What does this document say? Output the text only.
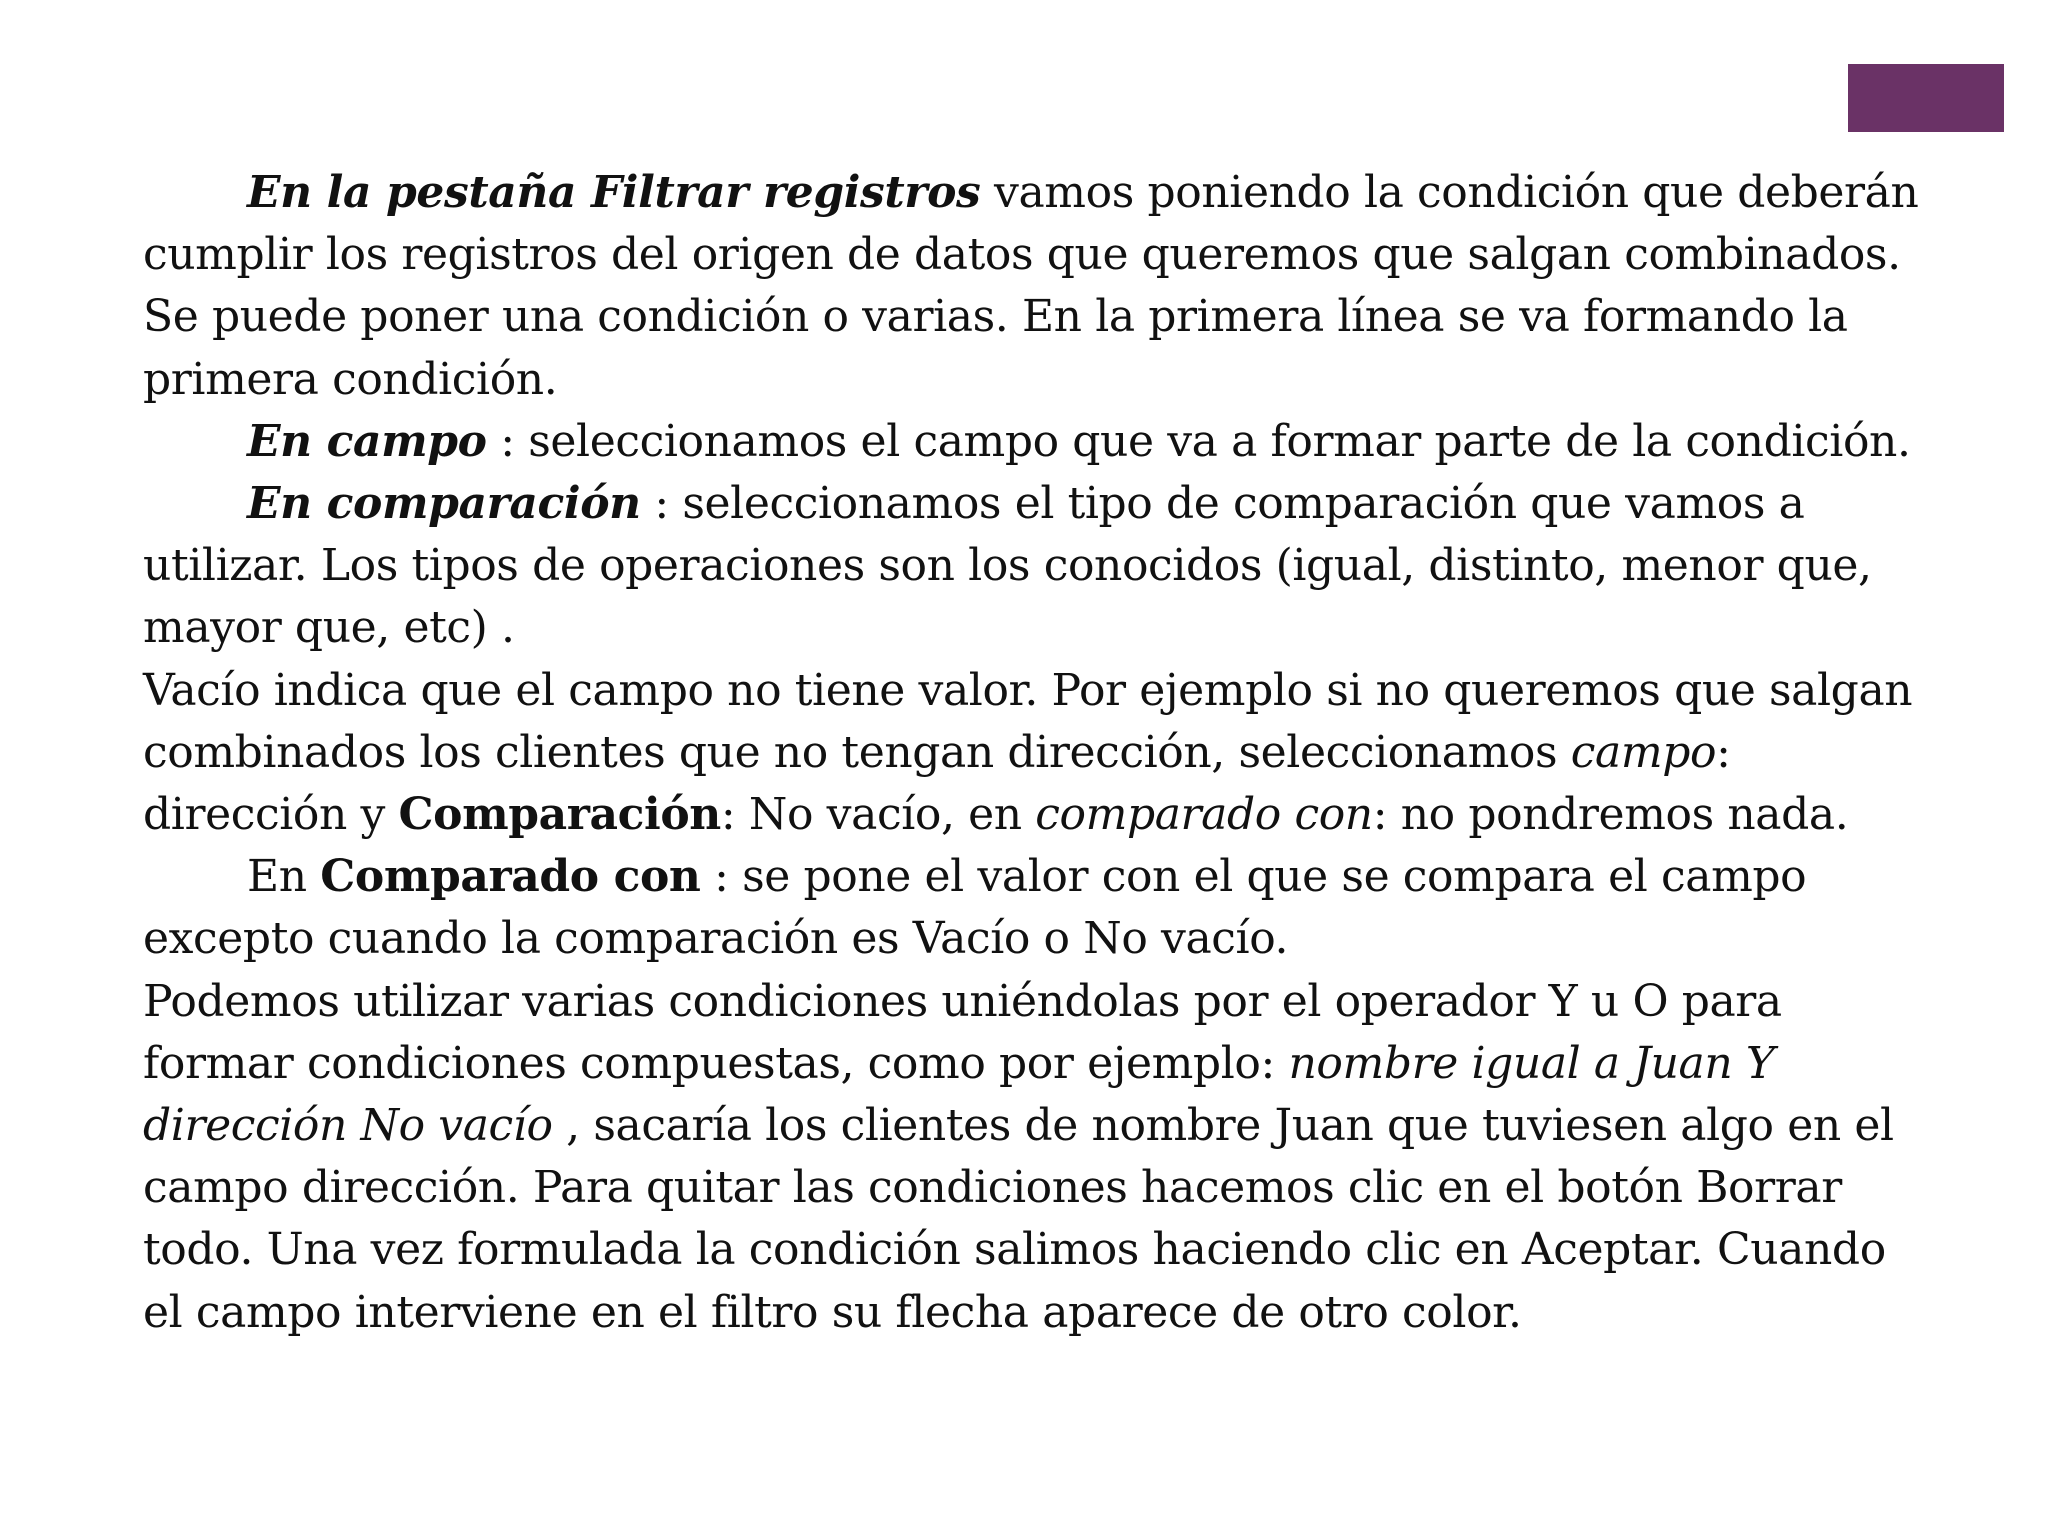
En la pestaña Filtrar registros vamos poniendo la condición que deberán cumplir los registros del origen de datos que queremos que salgan combinados. Se puede poner una condición o varias. En la primera línea se va formando la primera condición.

En campo : seleccionamos el campo que va a formar parte de la condición.

En comparación : seleccionamos el tipo de comparación que vamos a utilizar. Los tipos de operaciones son los conocidos (igual, distinto, menor que, mayor que, etc) .

Vacío indica que el campo no tiene valor. Por ejemplo si no queremos que salgan combinados los clientes que no tengan dirección, seleccionamos campo: dirección y Comparación: No vacío, en comparado con: no pondremos nada.

En Comparado con : se pone el valor con el que se compara el campo excepto cuando la comparación es Vacío o No vacío.

Podemos utilizar varias condiciones uniéndolas por el operador Y u O para formar condiciones compuestas, como por ejemplo: nombre igual a Juan Y dirección No vacío , sacaría los clientes de nombre Juan que tuviesen algo en el campo dirección. Para quitar las condiciones hacemos clic en el botón Borrar todo. Una vez formulada la condición salimos haciendo clic en Aceptar. Cuando el campo interviene en el filtro su flecha aparece de otro color.
